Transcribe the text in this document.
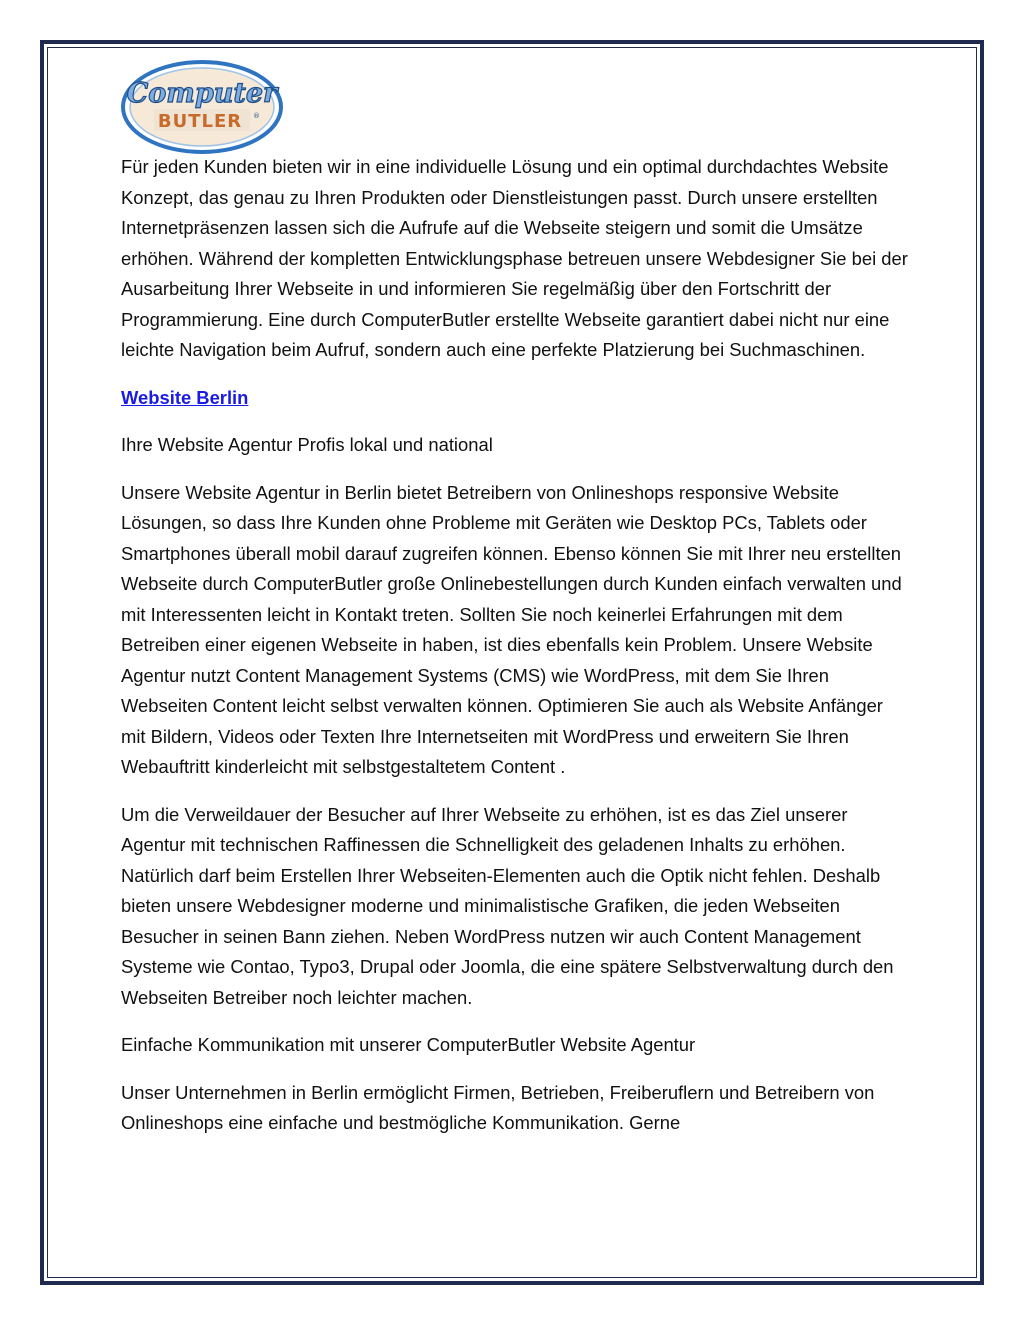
Computer
BUTLER ®

Für jeden Kunden bieten wir in eine individuelle Lösung und ein optimal durchdachtes Website Konzept, das genau zu Ihren Produkten oder Dienstleistungen passt. Durch unsere erstellten Internetpräsenzen lassen sich die Aufrufe auf die Webseite steigern und somit die Umsätze erhöhen. Während der kompletten Entwicklungsphase betreuen unsere Webdesigner Sie bei der Ausarbeitung Ihrer Webseite in und informieren Sie regelmäßig über den Fortschritt der Programmierung. Eine durch ComputerButler erstellte Webseite garantiert dabei nicht nur eine leichte Navigation beim Aufruf, sondern auch eine perfekte Platzierung bei Suchmaschinen.

Website Berlin

Ihre Website Agentur Profis lokal und national

Unsere Website Agentur in Berlin bietet Betreibern von Onlineshops responsive Website Lösungen, so dass Ihre Kunden ohne Probleme mit Geräten wie Desktop PCs, Tablets oder Smartphones überall mobil darauf zugreifen können. Ebenso können Sie mit Ihrer neu erstellten Webseite durch ComputerButler große Onlinebestellungen durch Kunden einfach verwalten und mit Interessenten leicht in Kontakt treten. Sollten Sie noch keinerlei Erfahrungen mit dem Betreiben einer eigenen Webseite in haben, ist dies ebenfalls kein Problem. Unsere Website Agentur nutzt Content Management Systems (CMS) wie WordPress, mit dem Sie Ihren Webseiten Content leicht selbst verwalten können. Optimieren Sie auch als Website Anfänger mit Bildern, Videos oder Texten Ihre Internetseiten mit WordPress und erweitern Sie Ihren Webauftritt kinderleicht mit selbstgestaltetem Content .

Um die Verweildauer der Besucher auf Ihrer Webseite zu erhöhen, ist es das Ziel unserer Agentur mit technischen Raffinessen die Schnelligkeit des geladenen Inhalts zu erhöhen. Natürlich darf beim Erstellen Ihrer Webseiten-Elementen auch die Optik nicht fehlen. Deshalb bieten unsere Webdesigner moderne und minimalistische Grafiken, die jeden Webseiten Besucher in seinen Bann ziehen. Neben WordPress nutzen wir auch Content Management Systeme wie Contao, Typo3, Drupal oder Joomla, die eine spätere Selbstverwaltung durch den Webseiten Betreiber noch leichter machen.

Einfache Kommunikation mit unserer ComputerButler Website Agentur

Unser Unternehmen in Berlin ermöglicht Firmen, Betrieben, Freiberuflern und Betreibern von Onlineshops eine einfache und bestmögliche Kommunikation. Gerne
